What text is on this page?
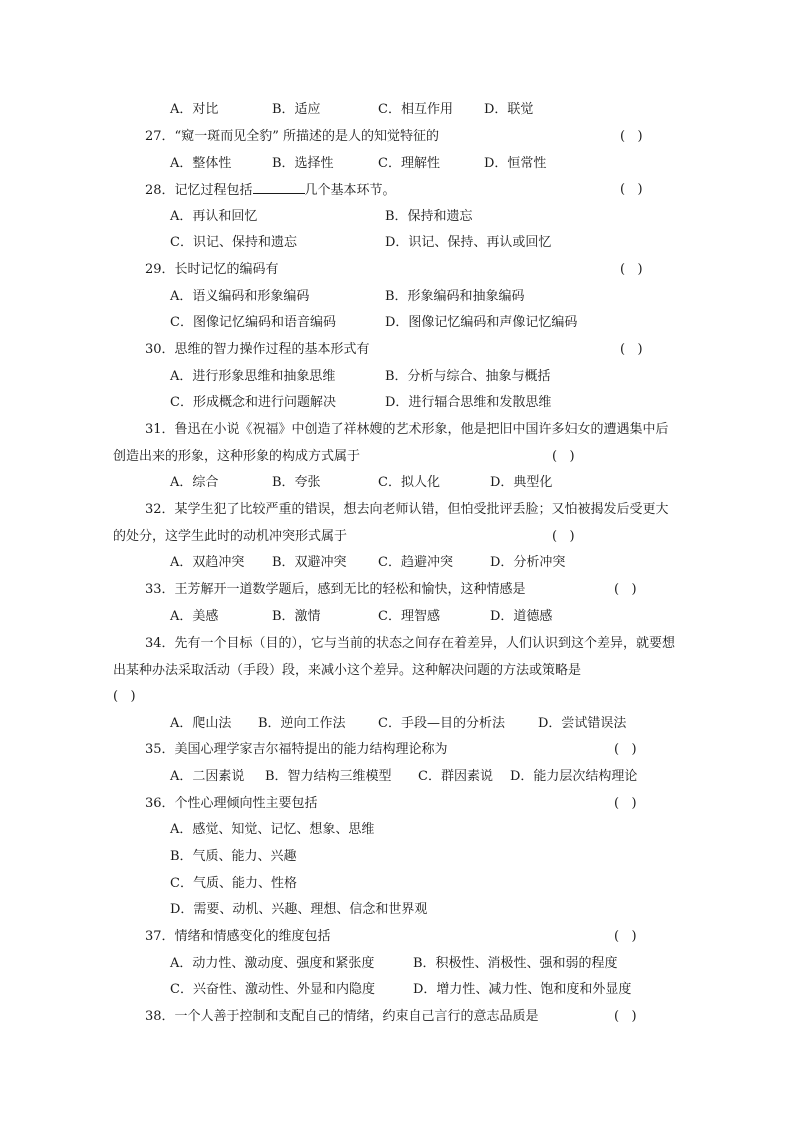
A．对比	B．适应	C．相互作用 D．联觉
27．“窥一斑而见全豹” 所描述的是人的知觉特征的	(   )
A．整体性	B．选择性	C．理解性	D．恒常性
28．记忆过程包括	几个基本环节。	(   )
A．再认和回忆	B．保持和遗忘
C．识记、保持和遗忘	D．识记、保持、再认或回忆
29．长时记忆的编码有	(   )
A．语义编码和形象编码	B．形象编码和抽象编码
C．图像记忆编码和语音编码	D．图像记忆编码和声像记忆编码
30．思维的智力操作过程的基本形式有	(   )
A．进行形象思维和抽象思维	B．分析与综合、抽象与概括
C．形成概念和进行问题解决	D．进行辐合思维和发散思维
31．鲁迅在小说《祝福》中创造了祥林嫂的艺术形象，他是把旧中国许多妇女的遭遇集中后
创造出来的形象，这种形象的构成方式属于	(   )
A．综合	B．夸张	C．拟人化	D．典型化
32．某学生犯了比较严重的错误，想去向老师认错，但怕受批评丢脸；又怕被揭发后受更大
的处分，这学生此时的动机冲突形式属于	(   )
A．双趋冲突 B．双避冲突 C．趋避冲突	D．分析冲突
33．王芳解开一道数学题后，感到无比的轻松和愉快，这种情感是	(   )
A．美感	B．激情	C．理智感	D．道德感
34．先有一个目标（目的），它与当前的状态之间存在着差异，人们认识到这个差异，就要想
出某种办法采取活动（手段）段，来减小这个差异。这种解决问题的方法或策略是
(   )
A．爬山法 B．逆向工作法 C．手段—目的分析法	D．尝试错误法
35．美国心理学家吉尔福特提出的能力结构理论称为	(   )
A．二因素说 B．智力结构三维模型 C．群因素说 D．能力层次结构理论
36．个性心理倾向性主要包括	(   )
A．感觉、知觉、记忆、想象、思维
B．气质、能力、兴趣
C．气质、能力、性格
D．需要、动机、兴趣、理想、信念和世界观
37．情绪和情感变化的维度包括	(   )
A．动力性、激动度、强度和紧张度	B．积极性、消极性、强和弱的程度
C．兴奋性、激动性、外显和内隐度	D．增力性、减力性、饱和度和外显度
38．一个人善于控制和支配自己的情绪，约束自己言行的意志品质是	(   )
